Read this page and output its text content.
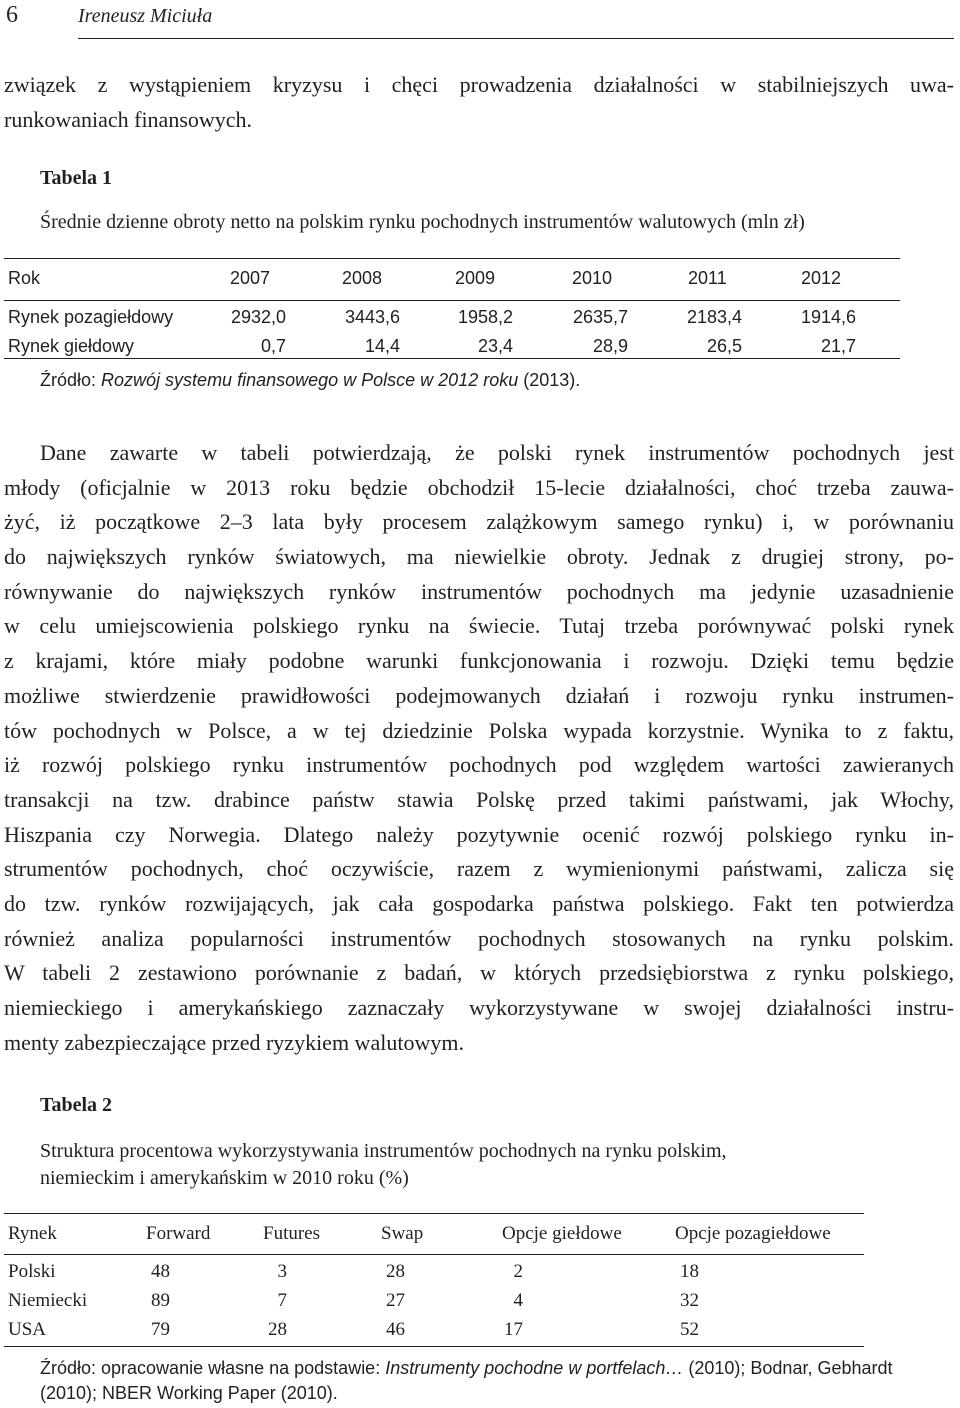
6	Ireneusz Miciuła
związek z wystąpieniem kryzysu i chęci prowadzenia działalności w stabilniejszych uwa-
runkowaniach finansowych.
Tabela 1
Średnie dzienne obroty netto na polskim rynku pochodnych instrumentów walutowych (mln zł)
Rok	2007	2008	2009	2010	2011	2012
Rynek pozagiełdowy	2932,0	3443,6	1958,2	2635,7	2183,4	1914,6
Rynek giełdowy	0,7	14,4	23,4	28,9	26,5	21,7
Źródło: Rozwój systemu finansowego w Polsce w 2012 roku (2013).
Dane zawarte w tabeli potwierdzają, że polski rynek instrumentów pochodnych jest
młody (oficjalnie w 2013 roku będzie obchodził 15-lecie działalności, choć trzeba zauwa-
żyć, iż początkowe 2–3 lata były procesem zalążkowym samego rynku) i, w porównaniu
do największych rynków światowych, ma niewielkie obroty. Jednak z drugiej strony, po-
równywanie do największych rynków instrumentów pochodnych ma jedynie uzasadnienie
w celu umiejscowienia polskiego rynku na świecie. Tutaj trzeba porównywać polski rynek
z krajami, które miały podobne warunki funkcjonowania i rozwoju. Dzięki temu będzie
możliwe stwierdzenie prawidłowości podejmowanych działań i rozwoju rynku instrumen-
tów pochodnych w Polsce, a w tej dziedzinie Polska wypada korzystnie. Wynika to z faktu,
iż rozwój polskiego rynku instrumentów pochodnych pod względem wartości zawieranych
transakcji na tzw. drabince państw stawia Polskę przed takimi państwami, jak Włochy,
Hiszpania czy Norwegia. Dlatego należy pozytywnie ocenić rozwój polskiego rynku in-
strumentów pochodnych, choć oczywiście, razem z wymienionymi państwami, zalicza się
do tzw. rynków rozwijających, jak cała gospodarka państwa polskiego. Fakt ten potwierdza
również analiza popularności instrumentów pochodnych stosowanych na rynku polskim.
W tabeli 2 zestawiono porównanie z badań, w których przedsiębiorstwa z rynku polskiego,
niemieckiego i amerykańskiego zaznaczały wykorzystywane w swojej działalności instru-
menty zabezpieczające przed ryzykiem walutowym.
Tabela 2
Struktura procentowa wykorzystywania instrumentów pochodnych na rynku polskim,
niemieckim i amerykańskim w 2010 roku (%)
Rynek	Forward	Futures	Swap	Opcje giełdowe	Opcje pozagiełdowe
Polski	48	3	28	2	18
Niemiecki	89	7	27	4	32
USA	79	28	46	17	52
Źródło: opracowanie własne na podstawie: Instrumenty pochodne w portfelach… (2010); Bodnar, Gebhardt
(2010); NBER Working Paper (2010).
